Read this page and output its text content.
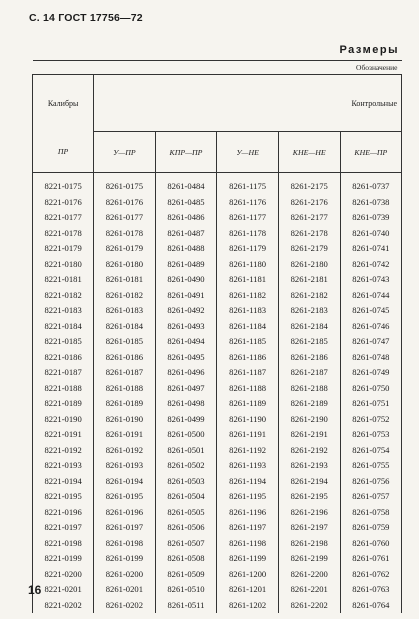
С. 14 ГОСТ 17756—72
Размеры
Обозначение					
Калибры	Контрольные				
ПР	У—ПР	КПР—ПР	У—НЕ	КНЕ—НЕ	КНЕ—ПР
8221-0175	8261-0175	8261-0484	8261-1175	8261-2175	8261-0737
8221-0176	8261-0176	8261-0485	8261-1176	8261-2176	8261-0738
8221-0177	8261-0177	8261-0486	8261-1177	8261-2177	8261-0739
8221-0178	8261-0178	8261-0487	8261-1178	8261-2178	8261-0740
8221-0179	8261-0179	8261-0488	8261-1179	8261-2179	8261-0741
8221-0180	8261-0180	8261-0489	8261-1180	8261-2180	8261-0742
8221-0181	8261-0181	8261-0490	8261-1181	8261-2181	8261-0743
8221-0182	8261-0182	8261-0491	8261-1182	8261-2182	8261-0744
8221-0183	8261-0183	8261-0492	8261-1183	8261-2183	8261-0745
8221-0184	8261-0184	8261-0493	8261-1184	8261-2184	8261-0746
8221-0185	8261-0185	8261-0494	8261-1185	8261-2185	8261-0747
8221-0186	8261-0186	8261-0495	8261-1186	8261-2186	8261-0748
8221-0187	8261-0187	8261-0496	8261-1187	8261-2187	8261-0749
8221-0188	8261-0188	8261-0497	8261-1188	8261-2188	8261-0750
8221-0189	8261-0189	8261-0498	8261-1189	8261-2189	8261-0751
8221-0190	8261-0190	8261-0499	8261-1190	8261-2190	8261-0752
8221-0191	8261-0191	8261-0500	8261-1191	8261-2191	8261-0753
8221-0192	8261-0192	8261-0501	8261-1192	8261-2192	8261-0754
8221-0193	8261-0193	8261-0502	8261-1193	8261-2193	8261-0755
8221-0194	8261-0194	8261-0503	8261-1194	8261-2194	8261-0756
8221-0195	8261-0195	8261-0504	8261-1195	8261-2195	8261-0757
8221-0196	8261-0196	8261-0505	8261-1196	8261-2196	8261-0758
8221-0197	8261-0197	8261-0506	8261-1197	8261-2197	8261-0759
8221-0198	8261-0198	8261-0507	8261-1198	8261-2198	8261-0760
8221-0199	8261-0199	8261-0508	8261-1199	8261-2199	8261-0761
8221-0200	8261-0200	8261-0509	8261-1200	8261-2200	8261-0762
8221-0201	8261-0201	8261-0510	8261-1201	8261-2201	8261-0763
8221-0202	8261-0202	8261-0511	8261-1202	8261-2202	8261-0764
16
